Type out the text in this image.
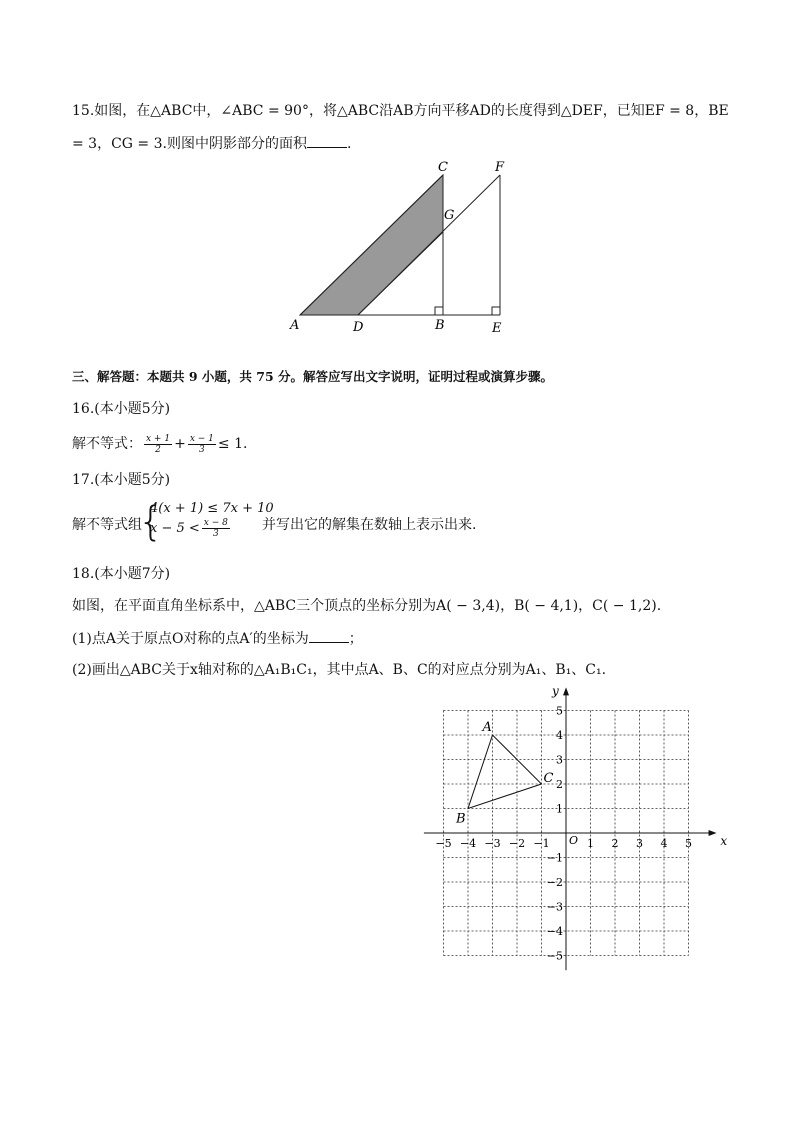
15.如图，在△ABC中，∠ABC = 90°，将△ABC沿AB方向平移AD的长度得到△DEF，已知EF = 8，BE
= 3，CG = 3.则图中阴影部分的面积	.
A	D	B	E
C	F
G
三、解答题：本题共 9 小题，共 75 分。解答应写出文字说明，证明过程或演算步骤。
16.(本小题5分)
解不等式： $\frac{x + 1}{2} + \frac{x - 1}{3} \le 1$.
17.(本小题5分)
解不等式组
{
4(x + 1) ≤ 7x + 10
$x - 5 < \frac{x - 8}{3}$ 并写出它的解集在数轴上表示出来.
18.(本小题7分)
如图，在平面直角坐标系中，△ABC三个顶点的坐标分别为A( − 3,4)，B( − 4,1)，C( − 1,2).
(1)点A关于原点O对称的点A′的坐标为	；
(2)画出△ABC关于x轴对称的△A₁B₁C₁，其中点A、B、C的对应点分别为A₁、B₁、C₁.
x
y
O
−5 −4 −3 −2 −1	1 2 3 4 5
5
4
3
2
1
−1
−2
−3
−4
−5
A
B
C
